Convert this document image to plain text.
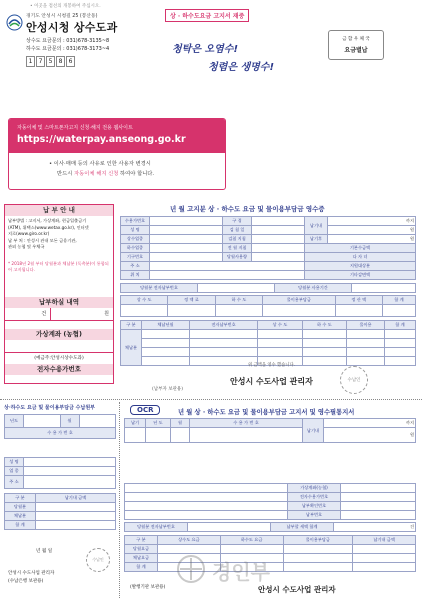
• 이곳을 점선의 개봉하여 주십시오.
경기도 안성시 시청길 25 (봉산동)
안성시청 상수도과
상수도 요금문의 : 031)678-3135~8
하수도 요금문의 : 031)678-3173~4
1	7	5	8	6
상 · 하수도요금 고지서 재중
청탁은 오염수!
청렴은 생명수!
금 합 우 체 국
요금별납
자동이체 및 스마트폰자고지 신청·해지 전용 웹사이트
https://waterpay.anseong.go.kr
• 이사·매매 등의 사유로 인한 사용자 변경시
반드시 자동이체 해지 신청 하여야 합니다.
납 부 안 내
납부방법 : 고지서, 가상계좌, 현금입출금기
(ATM), 위택스(www.wetax.go.kr), 인터넷
지로(www.giro.or.kr)
납 부 처 : 안성시 관내 모든 금융기관,
관외 농협 및 우체국
* 2018년 2월 부터 당월분과 체납분 (독촉분)이 통합되어 고지됩니다.
납부하실 내역
건	원
가상계좌 (농협)
(예금주:안성시상수도과)
전자수용가번호
(납부자 보관용)
년 월 고지분 상 · 하수도 요금 및 물이용부담금 영수증
수용가번호		구 경		납기내	까지
성 명		검 침 일			원
상수업종		검침 지침		납기후	원
하수업종		전 월 지침		기본수금액	
기구번호		당월사용량		다 자 녀	
주 소				지원대상분	
위 치				기타감면액	
당월분 전자납부번호		당월분 사용기간	
상 수 도	정 액 료	하 수 도	물이용부담금	정 산 액	합 계

구 분	체납년월	전자납부번호	상 수 도	하 수 도	물이용	합 계
체납분						

위 금액을 영수 했습니다.
안성시 수도사업 관리자	수납인
상·하수도 요금 및 물이용부담금 수납원부
년도		월	
수 용 가 번 호
성 명	
업 종	
주 소	
구 분	납기내 금액
당월분	
체납분	
합 계	
년 월 일
수납인
안성시 수도사업 관리자
(수납은행 보관용)
OCR	년 월 상 · 하수도 요금 및 물이용부담금 고지서 및 영수필통지서
납기	년 도	월	수 용 가 번 호	납기내	까지
					원
	가상계좌(농협)	
	전자수용가번호	
	납부확인번호	
	납부번호	
당월분 전자납부번호		납부할 세액 합계	건
구 분	상수도 요금	하수도 요금	물이용부담금	납기내 금액
당월요금				
체납요금				
합 계				
(발행기관 보관용)	안성시 수도사업 관리자
경인부
